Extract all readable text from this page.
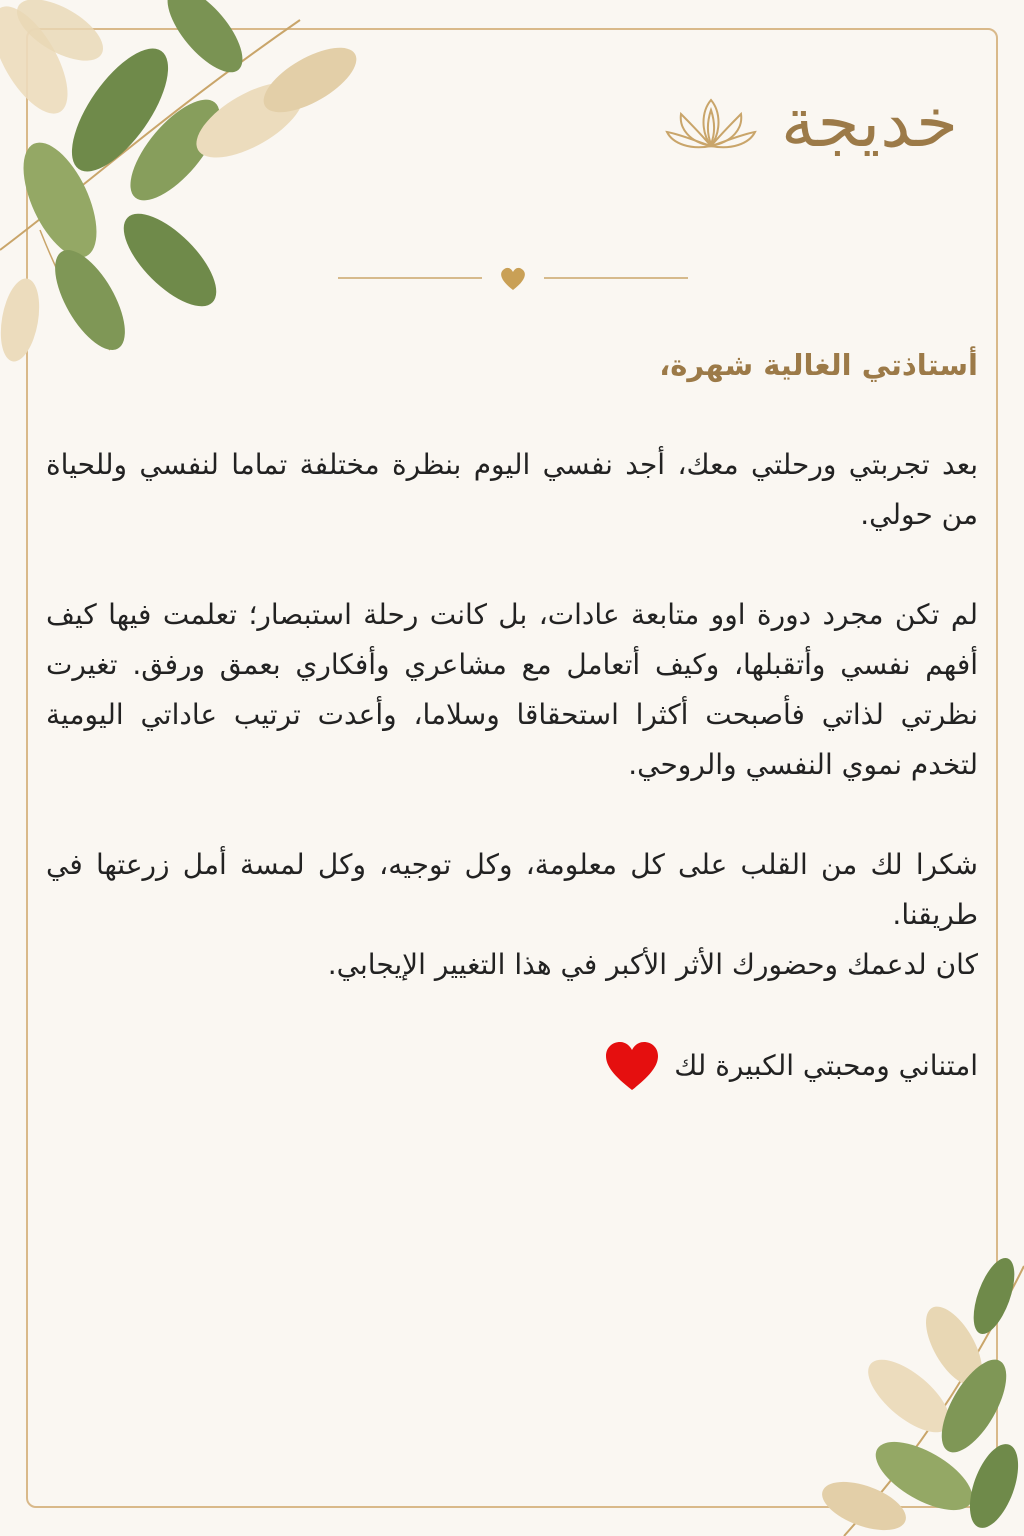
خديجة

أستاذتي الغالية شهرة،

بعد تجربتي ورحلتي معك، أجد نفسي اليوم بنظرة مختلفة تماما لنفسي وللحياة من حولي.

لم تكن مجرد دورة اوو متابعة عادات، بل كانت رحلة استبصار؛ تعلمت فيها كيف أفهم نفسي وأتقبلها، وكيف أتعامل مع مشاعري وأفكاري بعمق ورفق. تغيرت نظرتي لذاتي فأصبحت أكثرا استحقاقا وسلاما، وأعدت ترتيب عاداتي اليومية لتخدم نموي النفسي والروحي.

شكرا لك من القلب على كل معلومة، وكل توجيه، وكل لمسة أمل زرعتها في طريقنا.

كان لدعمك وحضورك الأثر الأكبر في هذا التغيير الإيجابي.

امتناني ومحبتي الكبيرة لك
